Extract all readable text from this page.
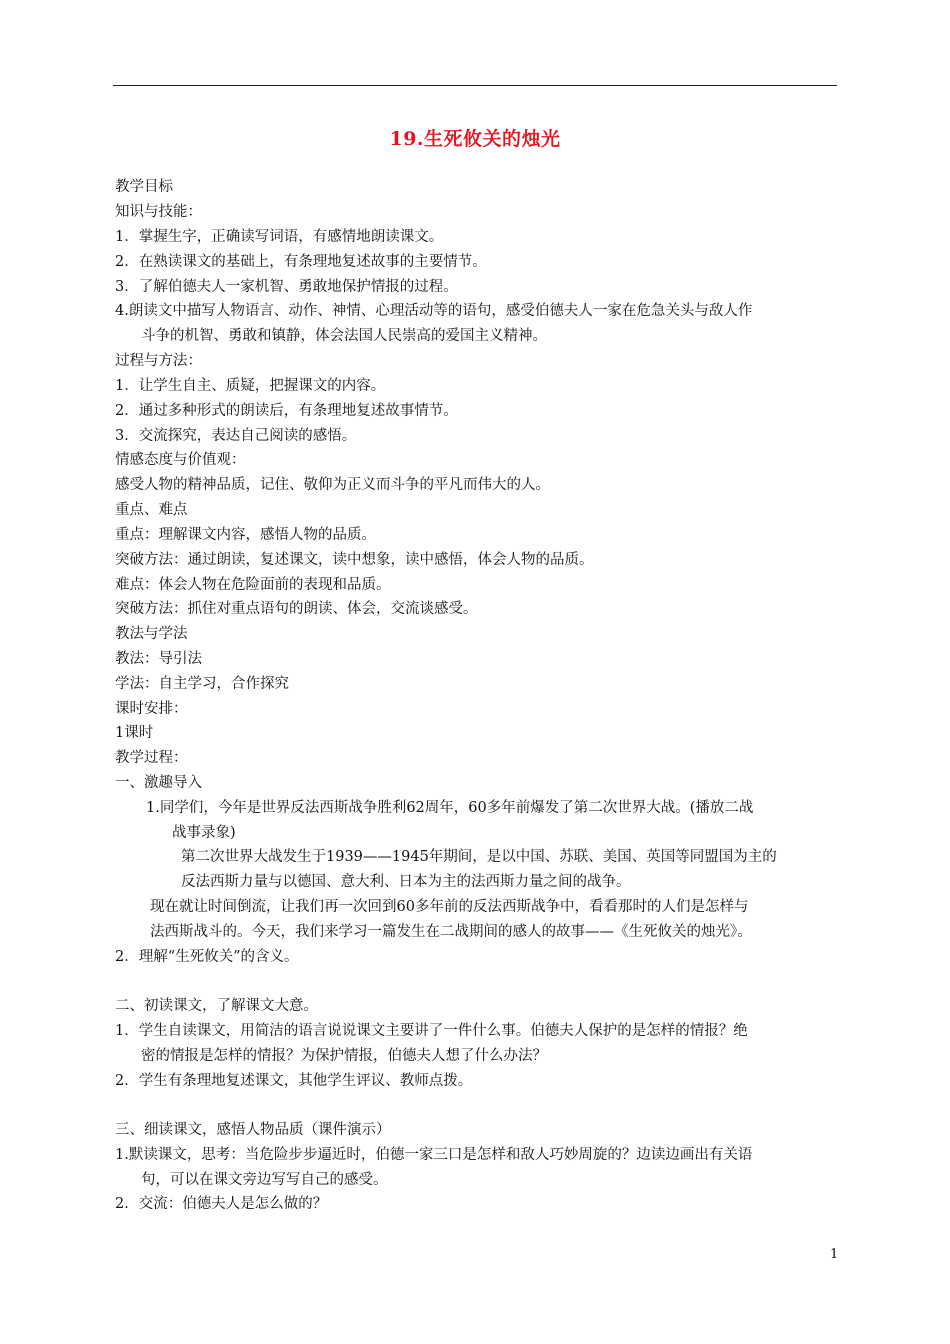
19.生死攸关的烛光
教学目标
知识与技能：
1．掌握生字，正确读写词语，有感情地朗读课文。
2．在熟读课文的基础上，有条理地复述故事的主要情节。
3．了解伯德夫人一家机智、勇敢地保护情报的过程。
4.朗读文中描写人物语言、动作、神情、心理活动等的语句，感受伯德夫人一家在危急关头与敌人作
斗争的机智、勇敢和镇静，体会法国人民崇高的爱国主义精神。
过程与方法：
1．让学生自主、质疑，把握课文的内容。
2．通过多种形式的朗读后，有条理地复述故事情节。
3．交流探究，表达自己阅读的感悟。
情感态度与价值观：
感受人物的精神品质，记住、敬仰为正义而斗争的平凡而伟大的人。
重点、难点
重点：理解课文内容，感悟人物的品质。
突破方法：通过朗读，复述课文，读中想象，读中感悟，体会人物的品质。
难点：体会人物在危险面前的表现和品质。
突破方法：抓住对重点语句的朗读、体会，交流谈感受。
教法与学法
教法：导引法
学法：自主学习，合作探究
课时安排：
1课时
教学过程：
一、激趣导入
1.同学们，今年是世界反法西斯战争胜利62周年，60多年前爆发了第二次世界大战。(播放二战
战事录象)
第二次世界大战发生于1939——1945年期间，是以中国、苏联、美国、英国等同盟国为主的
反法西斯力量与以德国、意大利、日本为主的法西斯力量之间的战争。
现在就让时间倒流，让我们再一次回到60多年前的反法西斯战争中，看看那时的人们是怎样与
法西斯战斗的。今天，我们来学习一篇发生在二战期间的感人的故事——《生死攸关的烛光》。
2．理解“生死攸关”的含义。
二、初读课文，了解课文大意。
1．学生自读课文，用简洁的语言说说课文主要讲了一件什么事。伯德夫人保护的是怎样的情报？绝
密的情报是怎样的情报？为保护情报，伯德夫人想了什么办法？
2．学生有条理地复述课文，其他学生评议、教师点拨。
三、细读课文，感悟人物品质（课件演示）
1.默读课文，思考：当危险步步逼近时，伯德一家三口是怎样和敌人巧妙周旋的？边读边画出有关语
句，可以在课文旁边写写自己的感受。
2．交流：伯德夫人是怎么做的？
1
